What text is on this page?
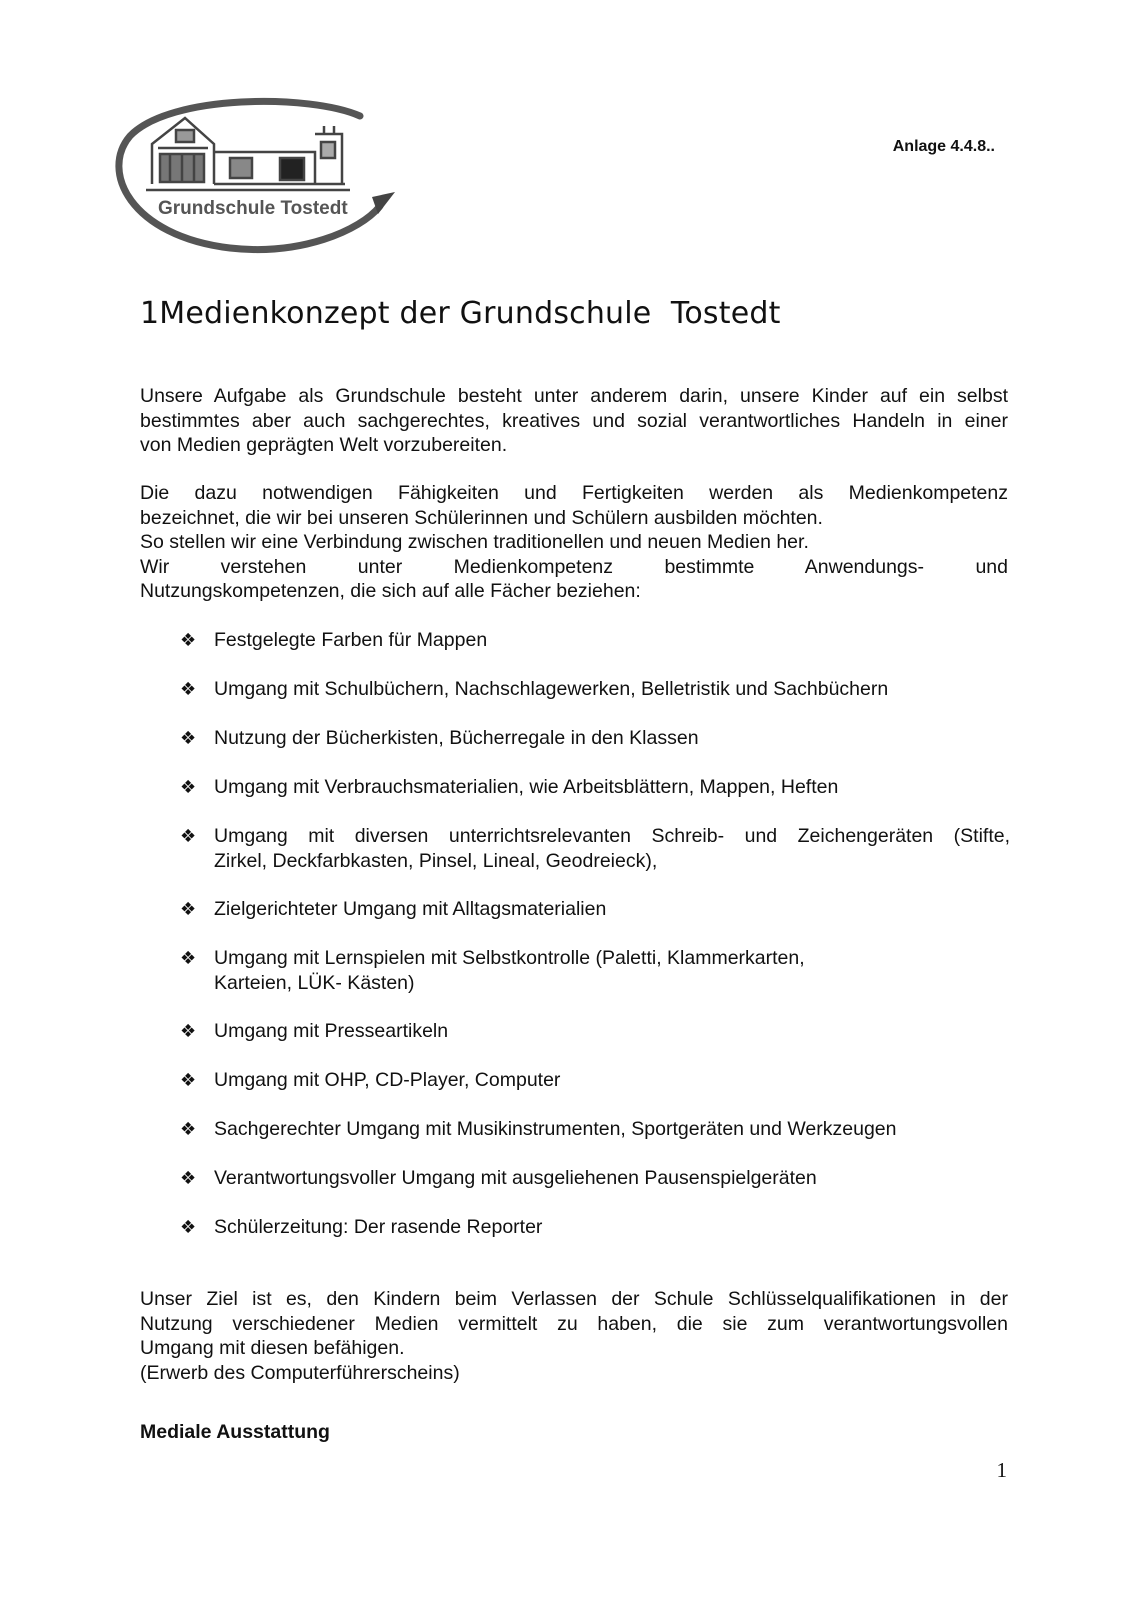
Grundschule Tostedt
Anlage 4.4.8..
1Medienkonzept der Grundschule  Tostedt
Unsere Aufgabe als Grundschule besteht unter anderem darin, unsere Kinder auf ein selbst
bestimmtes aber auch sachgerechtes, kreatives und sozial verantwortliches Handeln in einer
von Medien geprägten Welt vorzubereiten.
Die dazu notwendigen Fähigkeiten und Fertigkeiten werden als Medienkompetenz
bezeichnet, die wir bei unseren Schülerinnen und Schülern ausbilden möchten.
So stellen wir eine Verbindung zwischen traditionellen und neuen Medien her.
Wir verstehen unter Medienkompetenz bestimmte Anwendungs- und
Nutzungskompetenzen, die sich auf alle Fächer beziehen:
❖ Festgelegte Farben für Mappen
❖ Umgang mit Schulbüchern, Nachschlagewerken, Belletristik und Sachbüchern
❖ Nutzung der Bücherkisten, Bücherregale in den Klassen
❖ Umgang mit Verbrauchsmaterialien, wie Arbeitsblättern, Mappen, Heften
❖ Umgang mit diversen unterrichtsrelevanten Schreib- und Zeichengeräten (Stifte,
Zirkel, Deckfarbkasten, Pinsel, Lineal, Geodreieck),
❖ Zielgerichteter Umgang mit Alltagsmaterialien
❖ Umgang mit Lernspielen mit Selbstkontrolle (Paletti, Klammerkarten,
Karteien, LÜK- Kästen)
❖ Umgang mit Presseartikeln
❖ Umgang mit OHP, CD-Player, Computer
❖ Sachgerechter Umgang mit Musikinstrumenten, Sportgeräten und Werkzeugen
❖ Verantwortungsvoller Umgang mit ausgeliehenen Pausenspielgeräten
❖ Schülerzeitung: Der rasende Reporter
Unser Ziel ist es, den Kindern beim Verlassen der Schule Schlüsselqualifikationen in der
Nutzung verschiedener Medien vermittelt zu haben, die sie zum verantwortungsvollen
Umgang mit diesen befähigen.
(Erwerb des Computerführerscheins)
Mediale Ausstattung
1
